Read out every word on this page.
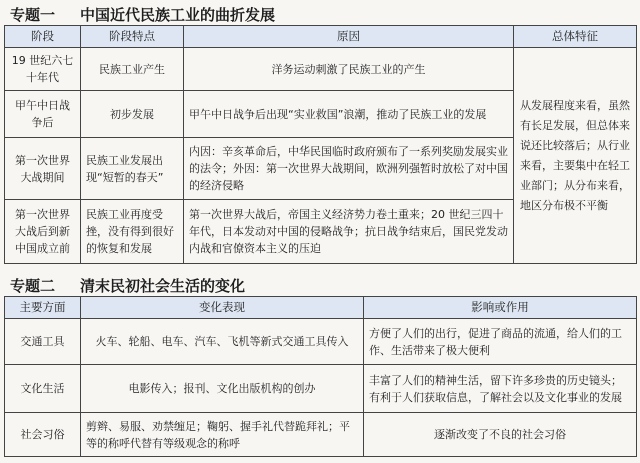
专题一 中国近代民族工业的曲折发展
阶段	阶段特点	原因	总体特征
19 世纪六七十年代	民族工业产生	洋务运动刺激了民族工业的产生	从发展程度来看，虽然有长足发展，但总体来说还比较落后；从行业来看，主要集中在轻工业部门；从分布来看，地区分布极不平衡
甲午中日战争后	初步发展	甲午中日战争后出现“实业救国”浪潮，推动了民族工业的发展	
第一次世界大战期间	民族工业发展出现“短暂的春天”	内因：辛亥革命后，中华民国临时政府颁布了一系列奖励发展实业的法令；外因：第一次世界大战期间，欧洲列强暂时放松了对中国的经济侵略	
第一次世界大战后到新中国成立前	民族工业再度受挫，没有得到很好的恢复和发展	第一次世界大战后，帝国主义经济势力卷土重来；20 世纪三四十年代，日本发动对中国的侵略战争；抗日战争结束后，国民党发动内战和官僚资本主义的压迫	
专题二 清末民初社会生活的变化
主要方面	变化表现	影响或作用
交通工具	火车、轮船、电车、汽车、飞机等新式交通工具传入	方便了人们的出行，促进了商品的流通，给人们的工作、生活带来了极大便利
文化生活	电影传入；报刊、文化出版机构的创办	丰富了人们的精神生活，留下许多珍贵的历史镜头；有利于人们获取信息，了解社会以及文化事业的发展
社会习俗	剪辫、易服、劝禁缠足；鞠躬、握手礼代替跪拜礼；平等的称呼代替有等级观念的称呼	逐渐改变了不良的社会习俗
